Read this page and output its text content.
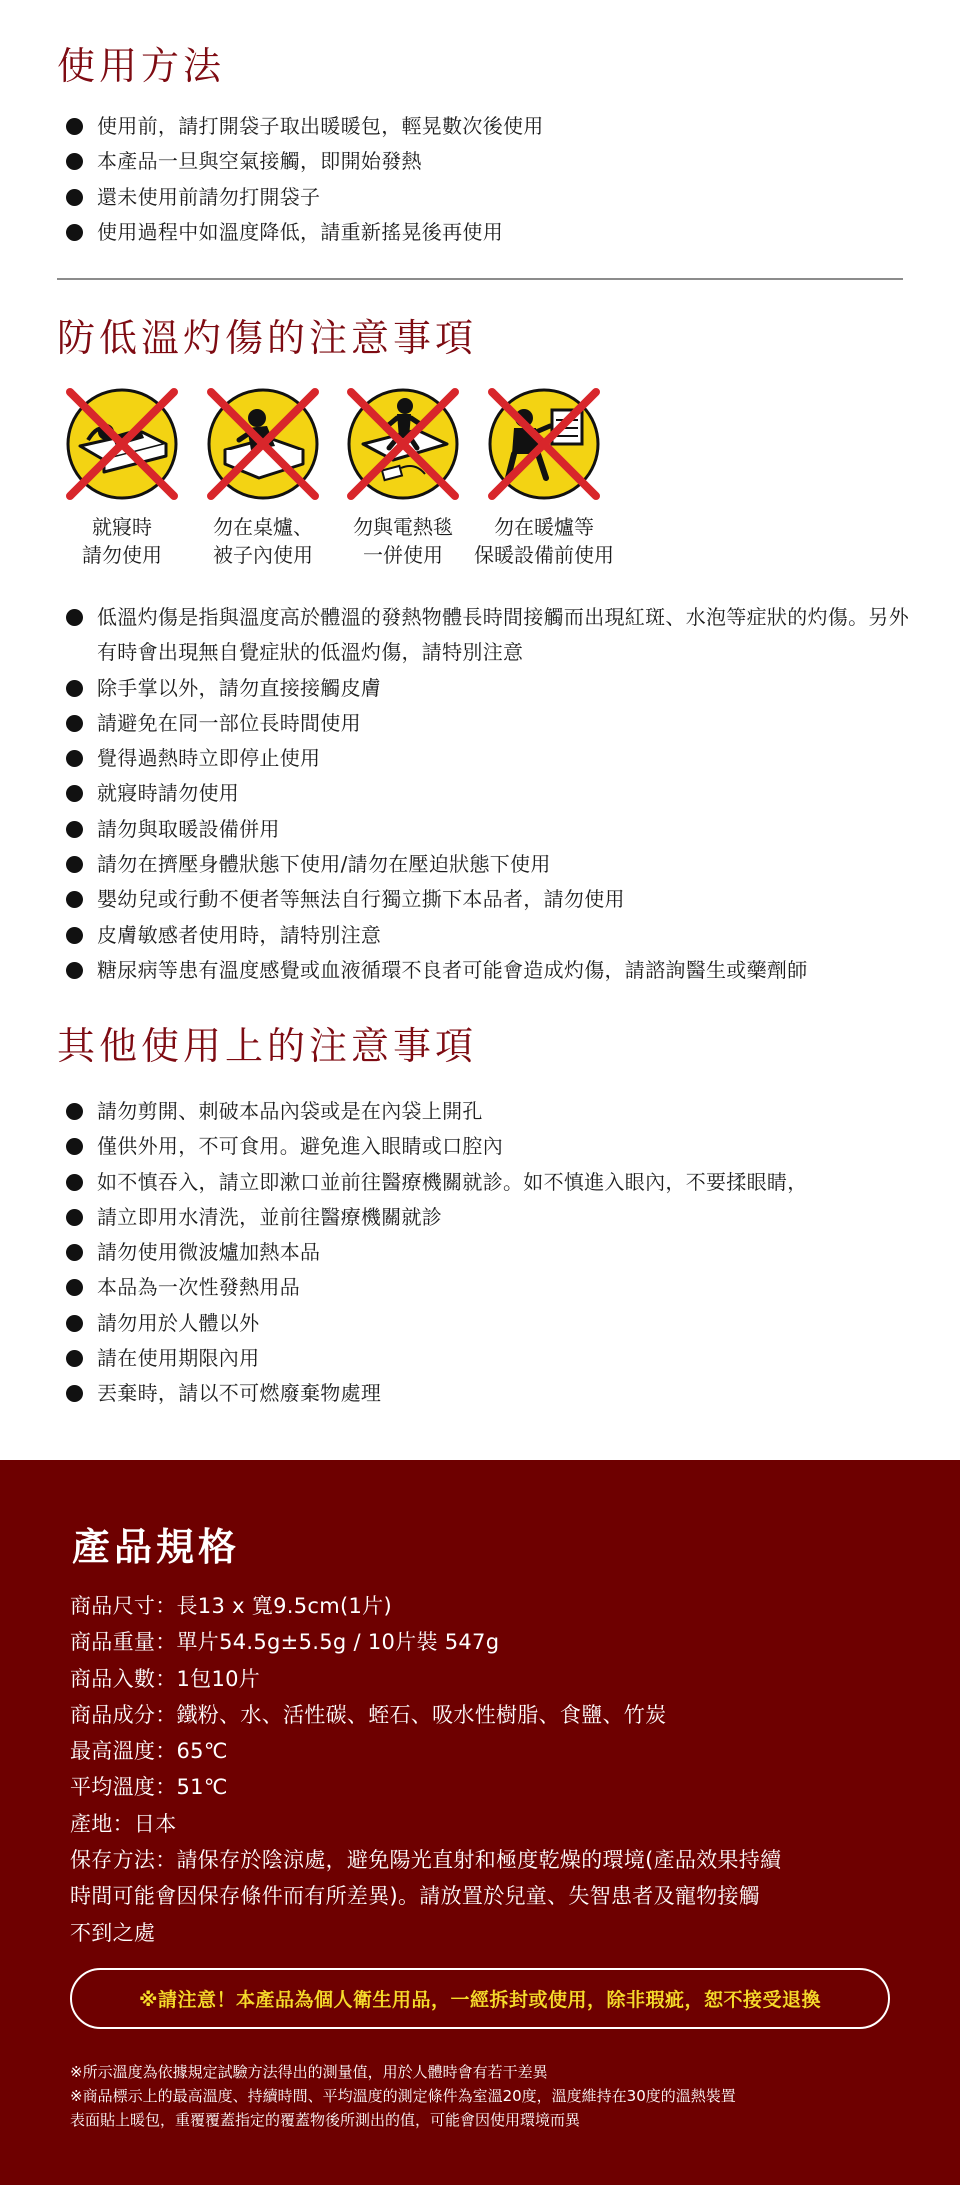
使用方法
使用前，請打開袋子取出暖暖包，輕晃數次後使用
本產品一旦與空氣接觸，即開始發熱
還未使用前請勿打開袋子
使用過程中如溫度降低，請重新搖晃後再使用
防低溫灼傷的注意事項
就寢時
請勿使用
勿在桌爐、
被子內使用
勿與電熱毯
一併使用
勿在暖爐等
保暖設備前使用
低溫灼傷是指與溫度高於體溫的發熱物體長時間接觸而出現紅斑、水泡等症狀的灼傷。另外有時會出現無自覺症狀的低溫灼傷，請特別注意
除手掌以外，請勿直接接觸皮膚
請避免在同一部位長時間使用
覺得過熱時立即停止使用
就寢時請勿使用
請勿與取暖設備併用
請勿在擠壓身體狀態下使用/請勿在壓迫狀態下使用
嬰幼兒或行動不便者等無法自行獨立撕下本品者，請勿使用
皮膚敏感者使用時，請特別注意
糖尿病等患有溫度感覺或血液循環不良者可能會造成灼傷，請諮詢醫生或藥劑師
其他使用上的注意事項
請勿剪開、刺破本品內袋或是在內袋上開孔
僅供外用，不可食用。避免進入眼睛或口腔內
如不慎吞入，請立即漱口並前往醫療機關就診。如不慎進入眼內，不要揉眼睛，
請立即用水清洗，並前往醫療機關就診
請勿使用微波爐加熱本品
本品為一次性發熱用品
請勿用於人體以外
請在使用期限內用
丟棄時，請以不可燃廢棄物處理
產品規格
商品尺寸：長13 x 寬9.5cm(1片)
商品重量：單片54.5g±5.5g / 10片裝 547g
商品入數：1包10片
商品成分：鐵粉、水、活性碳、蛭石、吸水性樹脂、食鹽、竹炭
最高溫度：65℃
平均溫度：51℃
產地：日本
保存方法：請保存於陰涼處，避免陽光直射和極度乾燥的環境(產品效果持續
時間可能會因保存條件而有所差異)。請放置於兒童、失智患者及寵物接觸
不到之處
※請注意！本產品為個人衛生用品，一經拆封或使用，除非瑕疵，恕不接受退換
※所示溫度為依據規定試驗方法得出的測量值，用於人體時會有若干差異
※商品標示上的最高溫度、持續時間、平均溫度的測定條件為室溫20度，溫度維持在30度的溫熱裝置
表面貼上暖包，重覆覆蓋指定的覆蓋物後所測出的值，可能會因使用環境而異
